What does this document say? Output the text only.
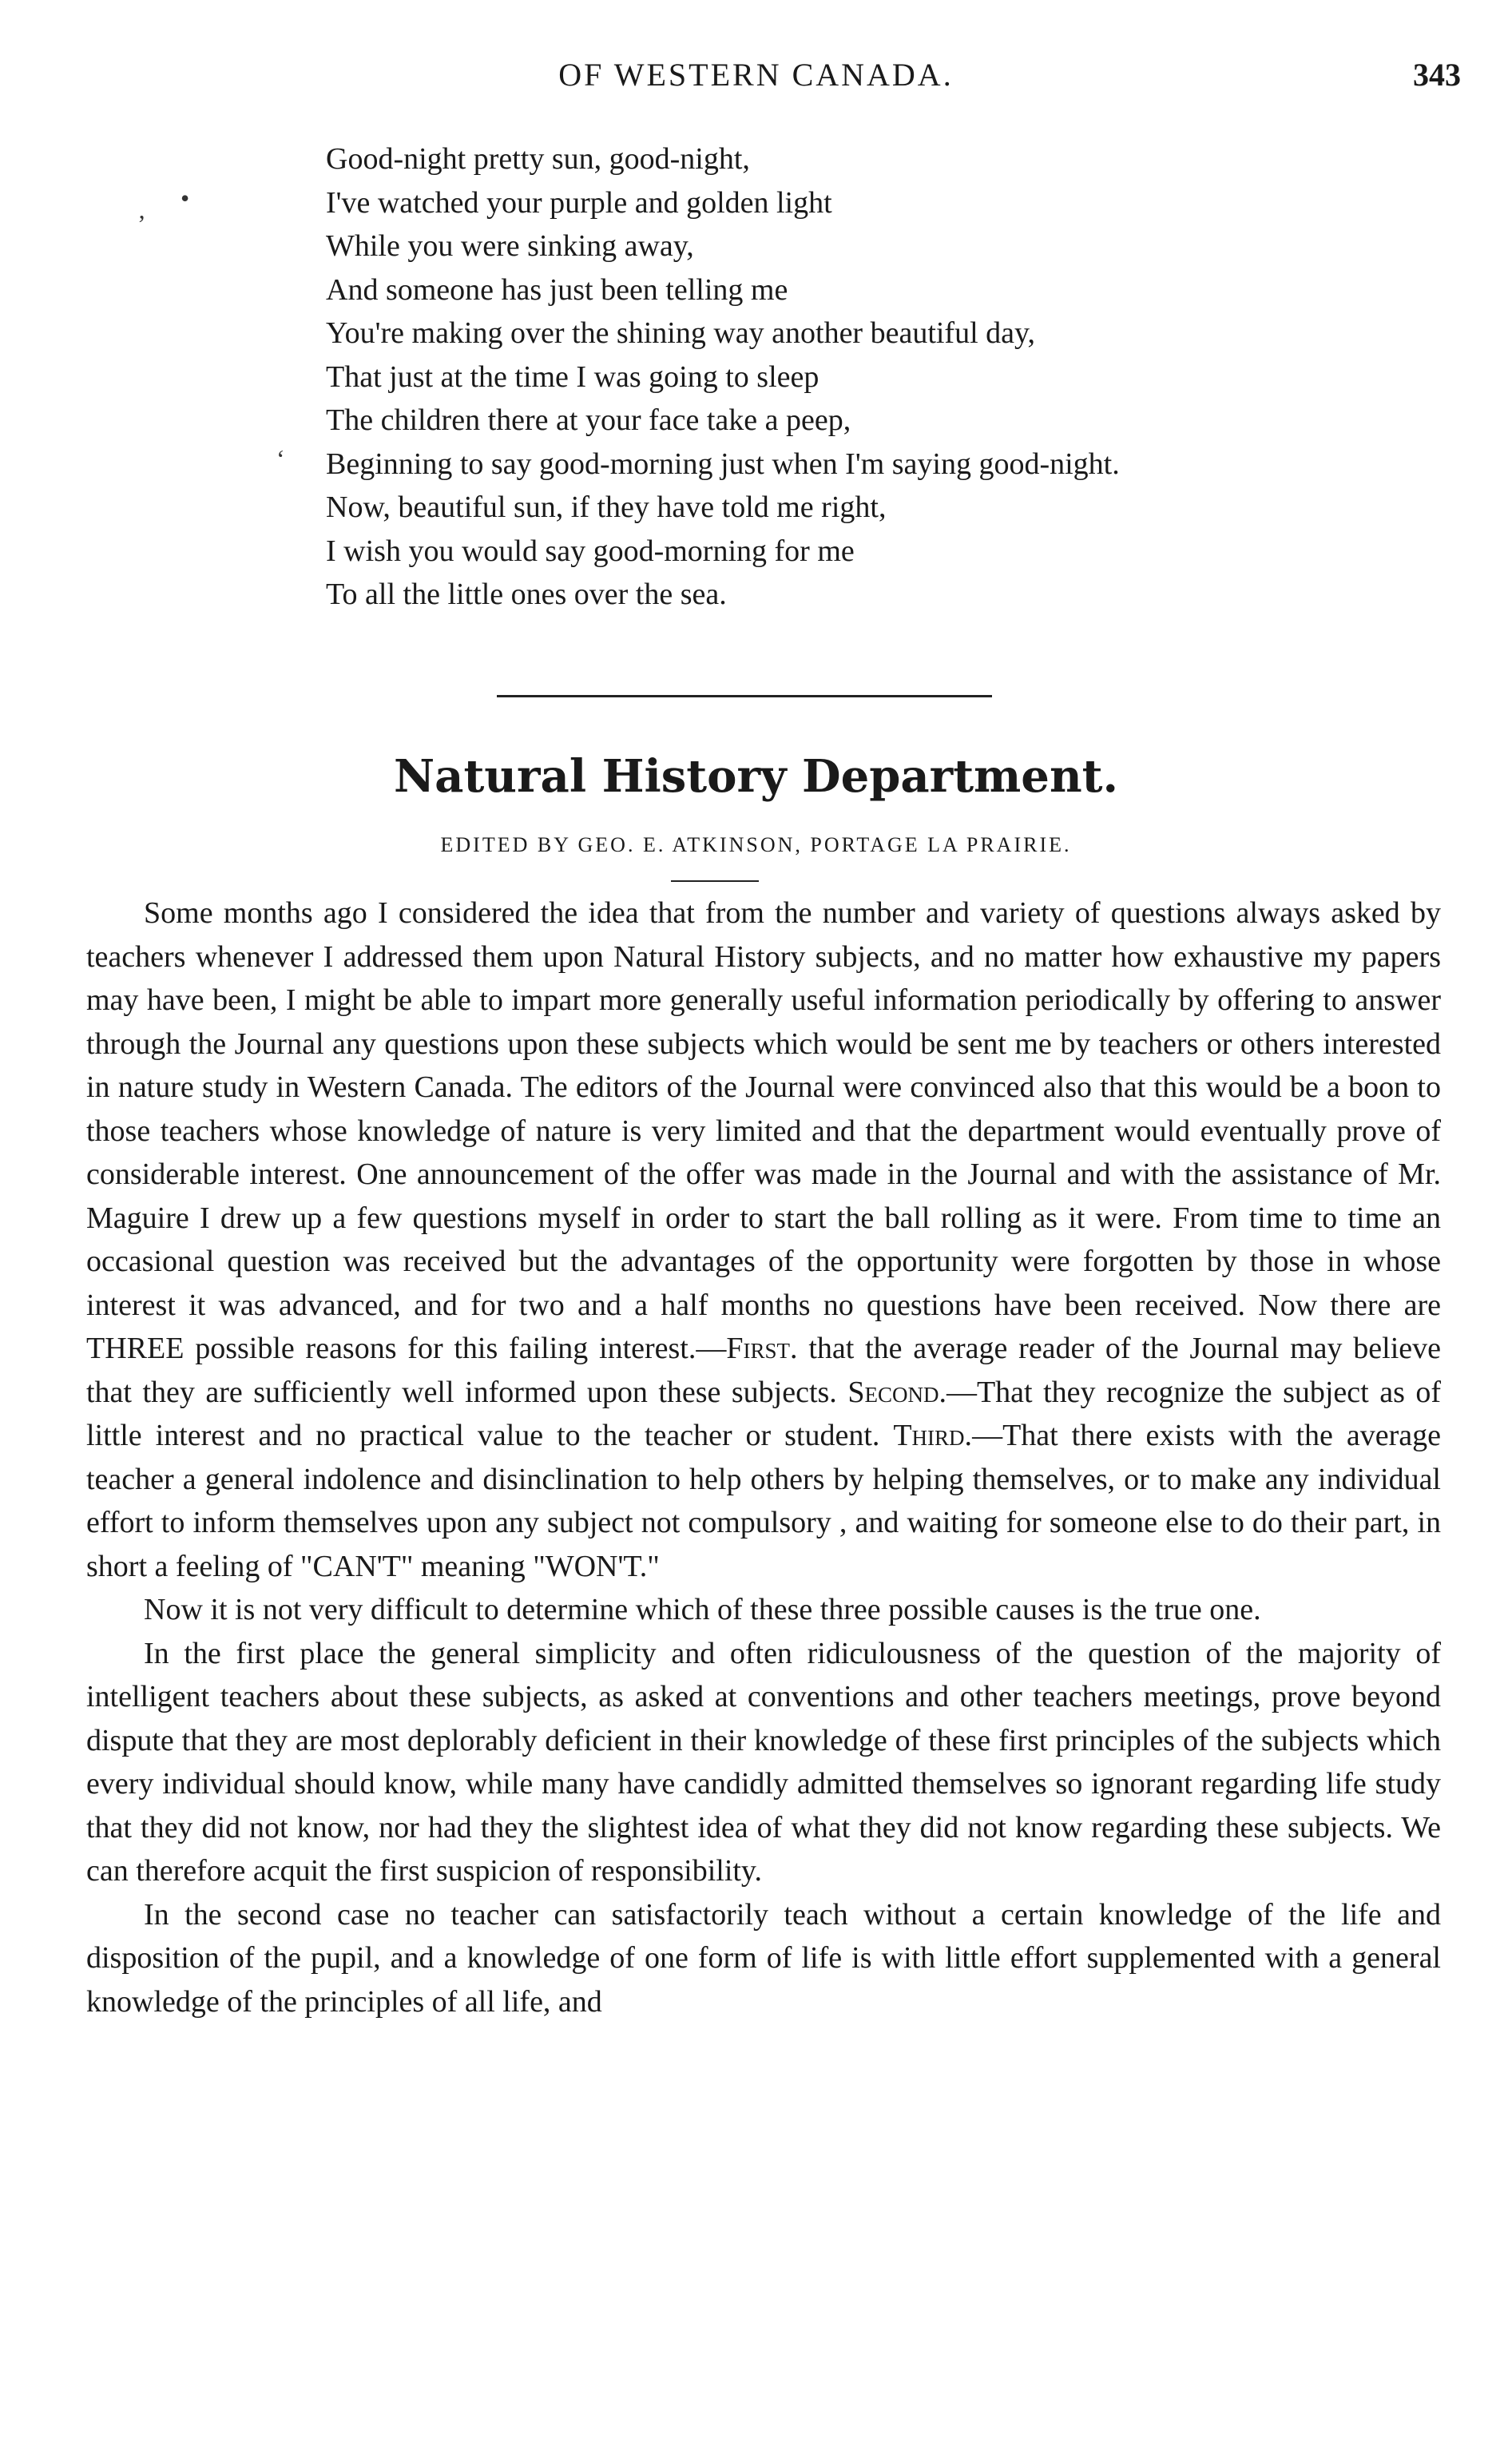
OF WESTERN CANADA.	343
’
•
‘
Good-night pretty sun, good-night,
I've watched your purple and golden light
While you were sinking away,
And someone has just been telling me
You're making over the shining way another beautiful day,
That just at the time I was going to sleep
The children there at your face take a peep,
Beginning to say good-morning just when I'm saying good-night.
Now, beautiful sun, if they have told me right,
I wish you would say good-morning for me
To all the little ones over the sea.
Natural History Department.
EDITED BY GEO. E. ATKINSON, PORTAGE LA PRAIRIE.

Some months ago I considered the idea that from the number and variety of questions always asked by teachers whenever I addressed them upon Natural History subjects, and no matter how exhaustive my papers may have been, I might be able to impart more generally useful information periodically by offering to answer through the Journal any questions upon these subjects which would be sent me by teachers or others interested in nature study in Western Canada. The editors of the Journal were convinced also that this would be a boon to those teachers whose knowledge of nature is very limited and that the department would eventually prove of considerable interest. One announcement of the offer was made in the Journal and with the assistance of Mr. Maguire I drew up a few questions myself in order to start the ball rolling as it were. From time to time an occasional question was received but the advantages of the opportunity were forgotten by those in whose interest it was advanced, and for two and a half months no questions have been received. Now there are THREE possible reasons for this failing interest.—First. that the average reader of the Journal may believe that they are sufficiently well informed upon these subjects. Second.—That they recognize the subject as of little interest and no practical value to the teacher or student. Third.—That there exists with the average teacher a general indolence and disinclination to help others by helping themselves, or to make any individual effort to inform themselves upon any subject not compulsory , and waiting for someone else to do their part, in short a feeling of "CAN'T" meaning "WON'T."

Now it is not very difficult to determine which of these three possible causes is the true one.

In the first place the general simplicity and often ridiculousness of the question of the majority of intelligent teachers about these subjects, as asked at conventions and other teachers meetings, prove beyond dispute that they are most deplorably deficient in their knowledge of these first principles of the subjects which every individual should know, while many have candidly admitted themselves so ignorant regarding life study that they did not know, nor had they the slightest idea of what they did not know regarding these subjects. We can therefore acquit the first suspicion of responsibility.

In the second case no teacher can satisfactorily teach without a certain knowledge of the life and disposition of the pupil, and a knowledge of one form of life is with little effort supplemented with a general knowledge of the principles of all life, and
